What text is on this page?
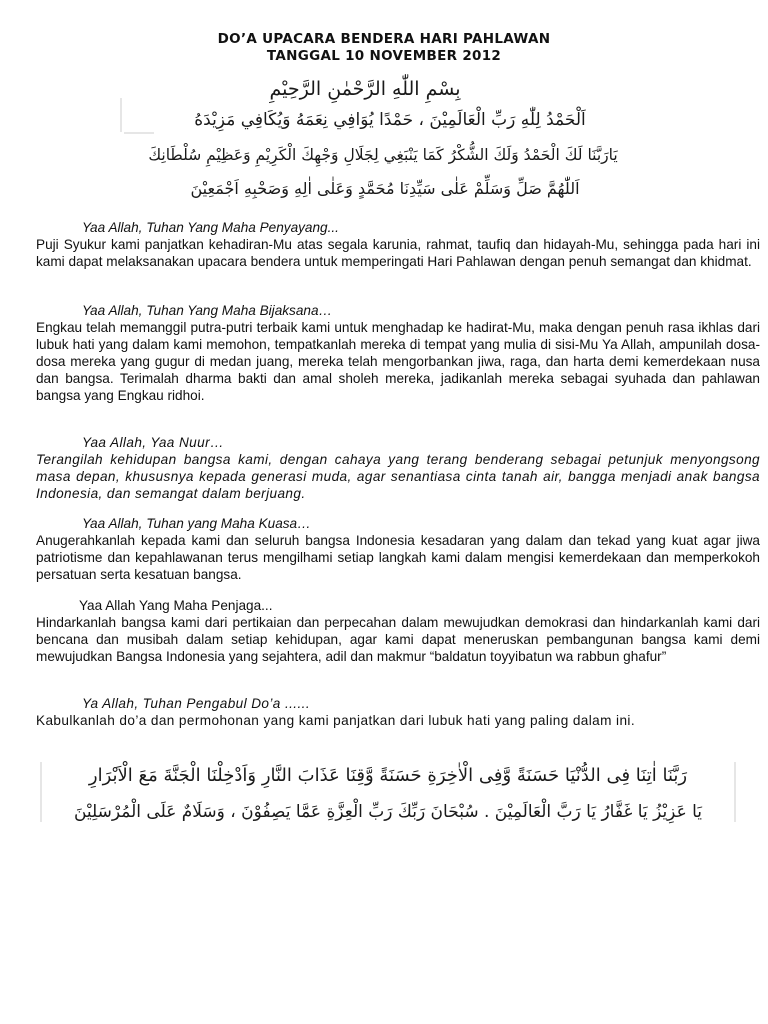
DO’A UPACARA BENDERA HARI PAHLAWAN
TANGGAL 10 NOVEMBER 2012
بِسْمِ اللّٰهِ الرَّحْمٰنِ الرَّحِيْمِ
اَلْحَمْدُ لِلّٰهِ رَبِّ الْعَالَمِيْنَ ، حَمْدًا يُوَافِي نِعَمَهُ وَيُكَافِي مَزِيْدَهُ
يَارَبَّنَا لَكَ الْحَمْدُ وَلَكَ الشُّكْرُ كَمَا يَنْبَغِي لِجَلَالِ وَجْهِكَ الْكَرِيْمِ وَعَظِيْمِ سُلْطَانِكَ
اَللّٰهُمَّ صَلِّ وَسَلِّمْ عَلٰى سَيِّدِنَا مُحَمَّدٍ وَعَلٰى اٰلِهِ وَصَحْبِهِ اَجْمَعِيْنَ
Yaa Allah, Tuhan Yang Maha Penyayang...
Puji Syukur kami panjatkan kehadiran-Mu atas segala karunia, rahmat, taufiq dan hidayah-Mu, sehingga pada hari ini kami dapat melaksanakan upacara bendera untuk memperingati Hari Pahlawan dengan penuh semangat dan khidmat.
Yaa Allah, Tuhan Yang Maha Bijaksana…
Engkau telah memanggil putra-putri terbaik kami untuk menghadap ke hadirat-Mu, maka dengan penuh rasa ikhlas dari lubuk hati yang dalam kami memohon, tempatkanlah mereka di tempat yang mulia di sisi-Mu Ya Allah, ampunilah dosa-dosa mereka yang gugur di medan juang, mereka telah mengorbankan jiwa, raga, dan harta demi kemerdekaan nusa dan bangsa. Terimalah dharma bakti dan amal sholeh mereka, jadikanlah mereka sebagai syuhada dan pahlawan bangsa yang Engkau ridhoi.
Yaa Allah, Yaa Nuur…
Terangilah kehidupan bangsa kami, dengan cahaya yang terang benderang sebagai petunjuk menyongsong masa depan, khususnya kepada generasi muda, agar senantiasa cinta tanah air, bangga menjadi anak bangsa Indonesia, dan semangat dalam berjuang.
Yaa Allah, Tuhan yang Maha Kuasa…
Anugerahkanlah kepada kami dan seluruh bangsa Indonesia kesadaran yang dalam dan tekad yang kuat agar jiwa patriotisme dan kepahlawanan terus mengilhami setiap langkah kami dalam mengisi kemerdekaan dan memperkokoh persatuan serta kesatuan bangsa.
Yaa Allah Yang Maha Penjaga...
Hindarkanlah bangsa kami dari pertikaian dan perpecahan dalam mewujudkan demokrasi dan hindarkanlah kami dari bencana dan musibah dalam setiap kehidupan, agar kami dapat meneruskan pembangunan bangsa kami demi mewujudkan Bangsa Indonesia yang sejahtera, adil dan makmur “baldatun toyyibatun wa rabbun ghafur”
Ya Allah, Tuhan Pengabul Do’a ......
Kabulkanlah do’a dan permohonan yang kami panjatkan dari lubuk hati yang paling dalam ini.
رَبَّنَا اٰتِنَا فِى الدُّنْيَا حَسَنَةً وَّفِى الْاٰخِرَةِ حَسَنَةً وَّقِنَا عَذَابَ النَّارِ وَاَدْخِلْنَا الْجَنَّةَ مَعَ الْاَبْرَارِ
يَا عَزِيْزُ يَا غَفَّارُ يَا رَبَّ الْعَالَمِيْنَ . سُبْحَانَ رَبِّكَ رَبِّ الْعِزَّةِ عَمَّا يَصِفُوْنَ ، وَسَلَامٌ عَلَى الْمُرْسَلِيْنَ
